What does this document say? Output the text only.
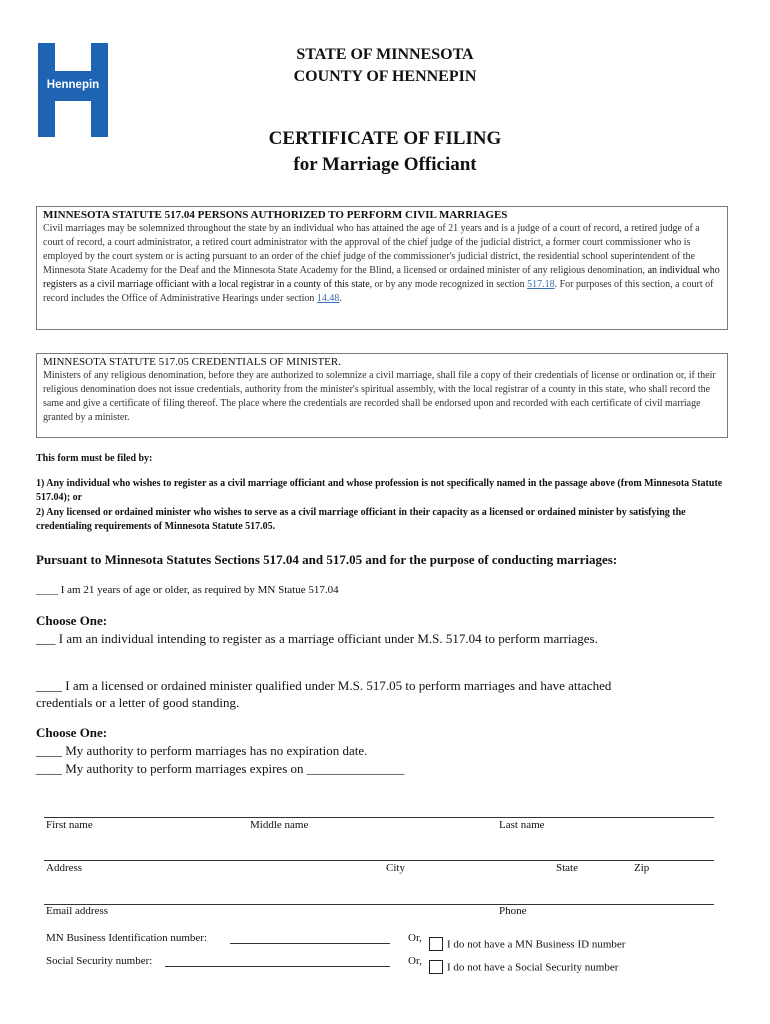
Hennepin
STATE OF MINNESOTA
COUNTY OF HENNEPIN
CERTIFICATE OF FILING
for Marriage Officiant
MINNESOTA STATUTE 517.04 PERSONS AUTHORIZED TO PERFORM CIVIL MARRIAGES
Civil marriages may be solemnized throughout the state by an individual who has attained the age of 21 years and is a judge of a court of record, a retired judge of a court of record, a court administrator, a retired court administrator with the approval of the chief judge of the judicial district, a former court commissioner who is employed by the court system or is acting pursuant to an order of the chief judge of the commissioner's judicial district, the residential school superintendent of the Minnesota State Academy for the Deaf and the Minnesota State Academy for the Blind, a licensed or ordained minister of any religious denomination, an individual who registers as a civil marriage officiant with a local registrar in a county of this state, or by any mode recognized in section 517.18. For purposes of this section, a court of record includes the Office of Administrative Hearings under section 14.48.
MINNESOTA STATUTE 517.05 CREDENTIALS OF MINISTER.
Ministers of any religious denomination, before they are authorized to solemnize a civil marriage, shall file a copy of their credentials of license or ordination or, if their religious denomination does not issue credentials, authority from the minister's spiritual assembly, with the local registrar of a county in this state, who shall record the same and give a certificate of filing thereof. The place where the credentials are recorded shall be endorsed upon and recorded with each certificate of civil marriage granted by a minister.
This form must be filed by:
1) Any individual who wishes to register as a civil marriage officiant and whose profession is not specifically named in the passage above (from Minnesota Statute 517.04); or
2) Any licensed or ordained minister who wishes to serve as a civil marriage officiant in their capacity as a licensed or ordained minister by satisfying the credentialing requirements of Minnesota Statute 517.05.
Pursuant to Minnesota Statutes Sections 517.04 and 517.05 and for the purpose of conducting marriages:
____ I am 21 years of age or older, as required by MN Statue 517.04
Choose One:
___ I am an individual intending to register as a marriage officiant under M.S. 517.04 to perform marriages.
____ I am a licensed or ordained minister qualified under M.S. 517.05 to perform marriages and have attached credentials or a letter of good standing.
Choose One:
____ My authority to perform marriages has no expiration date.
____ My authority to perform marriages expires on _______________
First name	Middle name	Last name
Address	City	State	Zip
Email address	Phone
MN Business Identification number:	Or,
I do not have a MN Business ID number
Social Security number:	Or,
I do not have a Social Security number
